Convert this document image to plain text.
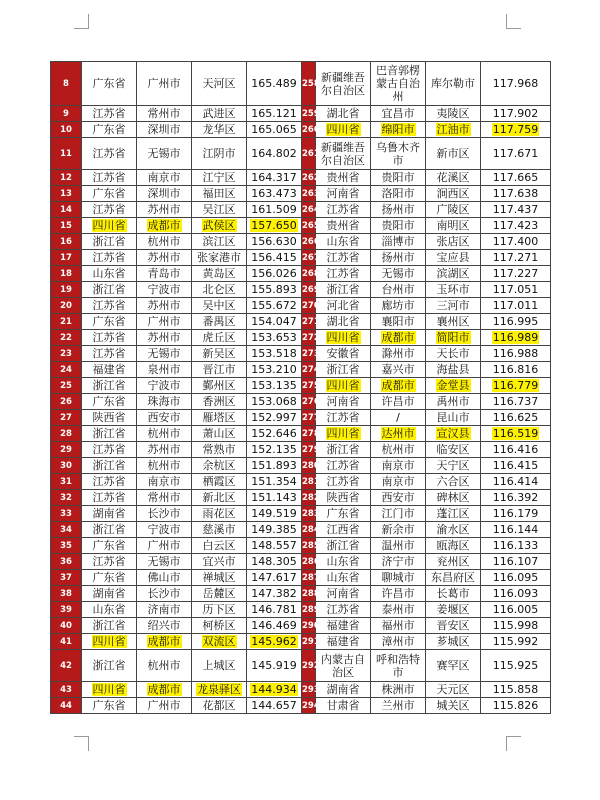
8	广东省	广州市	天河区	165.489	258	新疆维吾尔自治区	巴音郭楞蒙古自治州	库尔勒市	117.968
9	江苏省	常州市	武进区	165.121	259	湖北省	宜昌市	夷陵区	117.902
10	广东省	深圳市	龙华区	165.065	260	四川省	绵阳市	江油市	117.759
11	江苏省	无锡市	江阴市	164.802	261	新疆维吾尔自治区	乌鲁木齐市	新市区	117.671
12	江苏省	南京市	江宁区	164.317	262	贵州省	贵阳市	花溪区	117.665
13	广东省	深圳市	福田区	163.473	263	河南省	洛阳市	涧西区	117.638
14	江苏省	苏州市	吴江区	161.509	264	江苏省	扬州市	广陵区	117.437
15	四川省	成都市	武侯区	157.650	265	贵州省	贵阳市	南明区	117.423
16	浙江省	杭州市	滨江区	156.630	266	山东省	淄博市	张店区	117.400
17	江苏省	苏州市	张家港市	156.415	267	江苏省	扬州市	宝应县	117.271
18	山东省	青岛市	黄岛区	156.026	268	江苏省	无锡市	滨湖区	117.227
19	浙江省	宁波市	北仑区	155.893	269	浙江省	台州市	玉环市	117.051
20	江苏省	苏州市	吴中区	155.672	270	河北省	廊坊市	三河市	117.011
21	广东省	广州市	番禺区	154.047	271	湖北省	襄阳市	襄州区	116.995
22	江苏省	苏州市	虎丘区	153.653	272	四川省	成都市	简阳市	116.989
23	江苏省	无锡市	新吴区	153.518	273	安徽省	滁州市	天长市	116.988
24	福建省	泉州市	晋江市	153.210	274	浙江省	嘉兴市	海盐县	116.816
25	浙江省	宁波市	鄞州区	153.135	275	四川省	成都市	金堂县	116.779
26	广东省	珠海市	香洲区	153.068	276	河南省	许昌市	禹州市	116.737
27	陕西省	西安市	雁塔区	152.997	277	江苏省	/	昆山市	116.625
28	浙江省	杭州市	萧山区	152.646	278	四川省	达州市	宣汉县	116.519
29	江苏省	苏州市	常熟市	152.135	279	浙江省	杭州市	临安区	116.416
30	浙江省	杭州市	余杭区	151.893	280	江苏省	南京市	天宁区	116.415
31	江苏省	南京市	栖霞区	151.354	281	江苏省	南京市	六合区	116.414
32	江苏省	常州市	新北区	151.143	282	陕西省	西安市	碑林区	116.392
33	湖南省	长沙市	雨花区	149.519	283	广东省	江门市	蓬江区	116.179
34	浙江省	宁波市	慈溪市	149.385	284	江西省	新余市	渝水区	116.144
35	广东省	广州市	白云区	148.557	285	浙江省	温州市	瓯海区	116.133
36	江苏省	无锡市	宜兴市	148.305	286	山东省	济宁市	兖州区	116.107
37	广东省	佛山市	禅城区	147.617	287	山东省	聊城市	东昌府区	116.095
38	湖南省	长沙市	岳麓区	147.382	288	河南省	许昌市	长葛市	116.093
39	山东省	济南市	历下区	146.781	289	江苏省	泰州市	姜堰区	116.005
40	浙江省	绍兴市	柯桥区	146.469	290	福建省	福州市	晋安区	115.998
41	四川省	成都市	双流区	145.962	291	福建省	漳州市	芗城区	115.992
42	浙江省	杭州市	上城区	145.919	292	内蒙古自治区	呼和浩特市	赛罕区	115.925
43	四川省	成都市	龙泉驿区	144.934	293	湖南省	株洲市	天元区	115.858
44	广东省	广州市	花都区	144.657	294	甘肃省	兰州市	城关区	115.826
